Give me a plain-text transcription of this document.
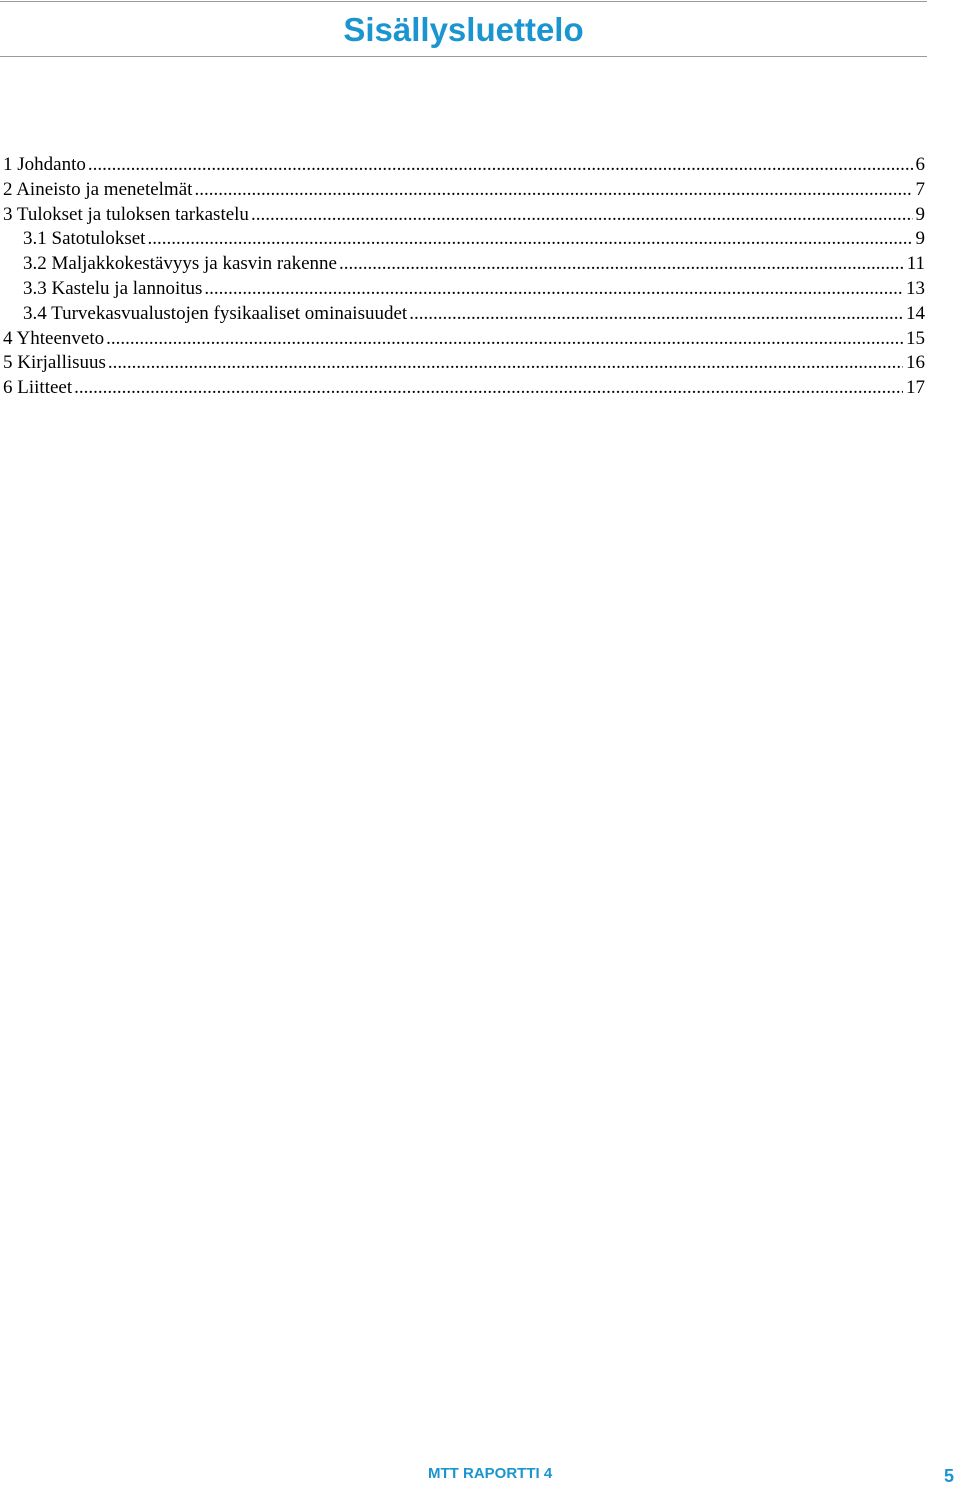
Sisällysluettelo
1 Johdanto .....	6
2 Aineisto ja menetelmät .....	7
3 Tulokset ja tuloksen tarkastelu .....	9
3.1 Satotulokset .....	9
3.2 Maljakkokestävyys ja kasvin rakenne .....	11
3.3 Kastelu ja lannoitus .....	13
3.4 Turvekasvualustojen fysikaaliset ominaisuudet .....	14
4 Yhteenveto .....	15
5 Kirjallisuus .....	16
6 Liitteet .....	17
MTT RAPORTTI 4	5
